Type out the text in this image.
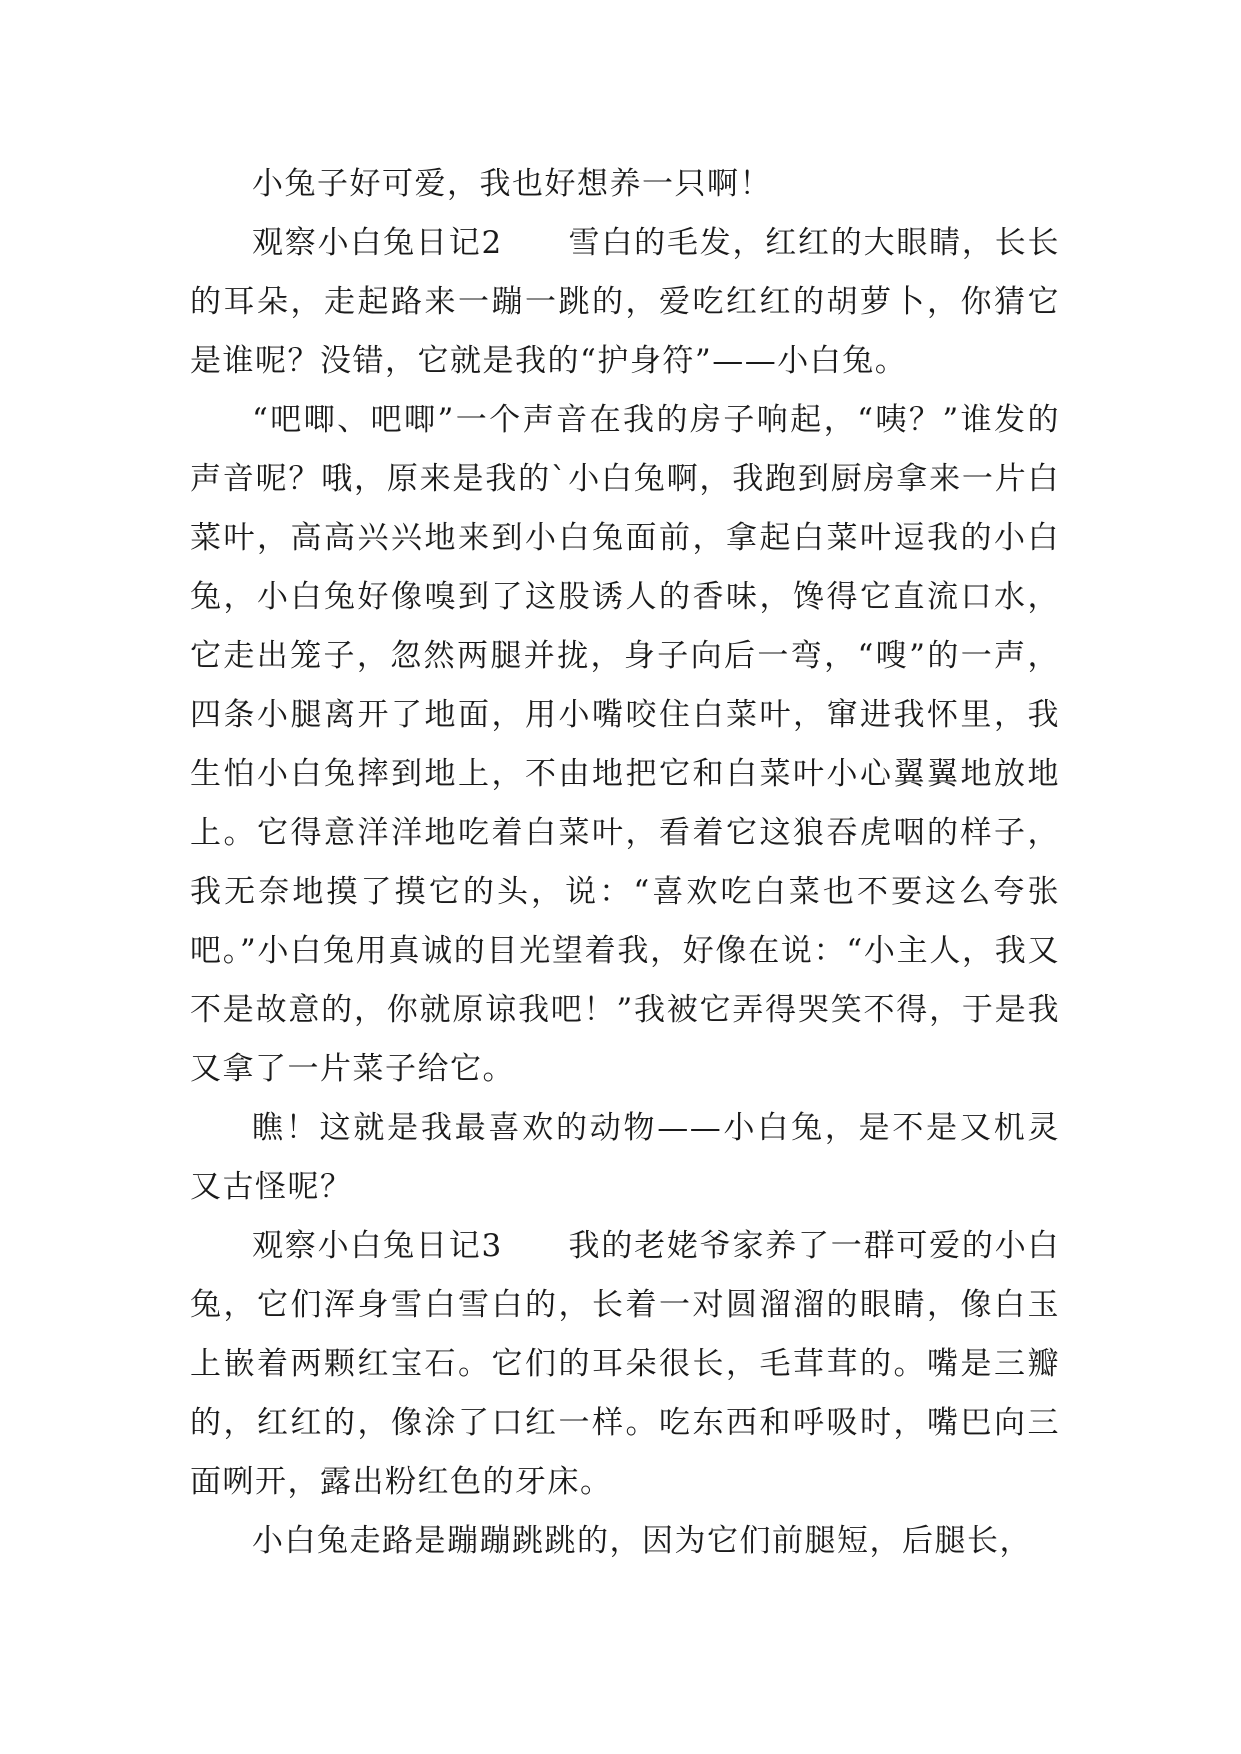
小兔子好可爱，我也好想养一只啊！

观察小白兔日记2　　雪白的毛发，红红的大眼睛，长长的耳朵，走起路来一蹦一跳的，爱吃红红的胡萝卜，你猜它是谁呢？没错，它就是我的“护身符”——小白兔。

“吧唧、吧唧”一个声音在我的房子响起，“咦？”谁发的声音呢？哦，原来是我的`小白兔啊，我跑到厨房拿来一片白菜叶，高高兴兴地来到小白兔面前，拿起白菜叶逗我的小白兔，小白兔好像嗅到了这股诱人的香味，馋得它直流口水，它走出笼子，忽然两腿并拢，身子向后一弯，“嗖”的一声，四条小腿离开了地面，用小嘴咬住白菜叶，窜进我怀里，我生怕小白兔摔到地上，不由地把它和白菜叶小心翼翼地放地上。它得意洋洋地吃着白菜叶，看着它这狼吞虎咽的样子，我无奈地摸了摸它的头，说：“喜欢吃白菜也不要这么夸张吧。”小白兔用真诚的目光望着我，好像在说：“小主人，我又不是故意的，你就原谅我吧！”我被它弄得哭笑不得，于是我又拿了一片菜子给它。

瞧！这就是我最喜欢的动物——小白兔，是不是又机灵又古怪呢？

观察小白兔日记3　　我的老姥爷家养了一群可爱的小白兔，它们浑身雪白雪白的，长着一对圆溜溜的眼睛，像白玉上嵌着两颗红宝石。它们的耳朵很长，毛茸茸的。嘴是三瓣的，红红的，像涂了口红一样。吃东西和呼吸时，嘴巴向三面咧开，露出粉红色的牙床。

小白兔走路是蹦蹦跳跳的，因为它们前腿短，后腿长，
